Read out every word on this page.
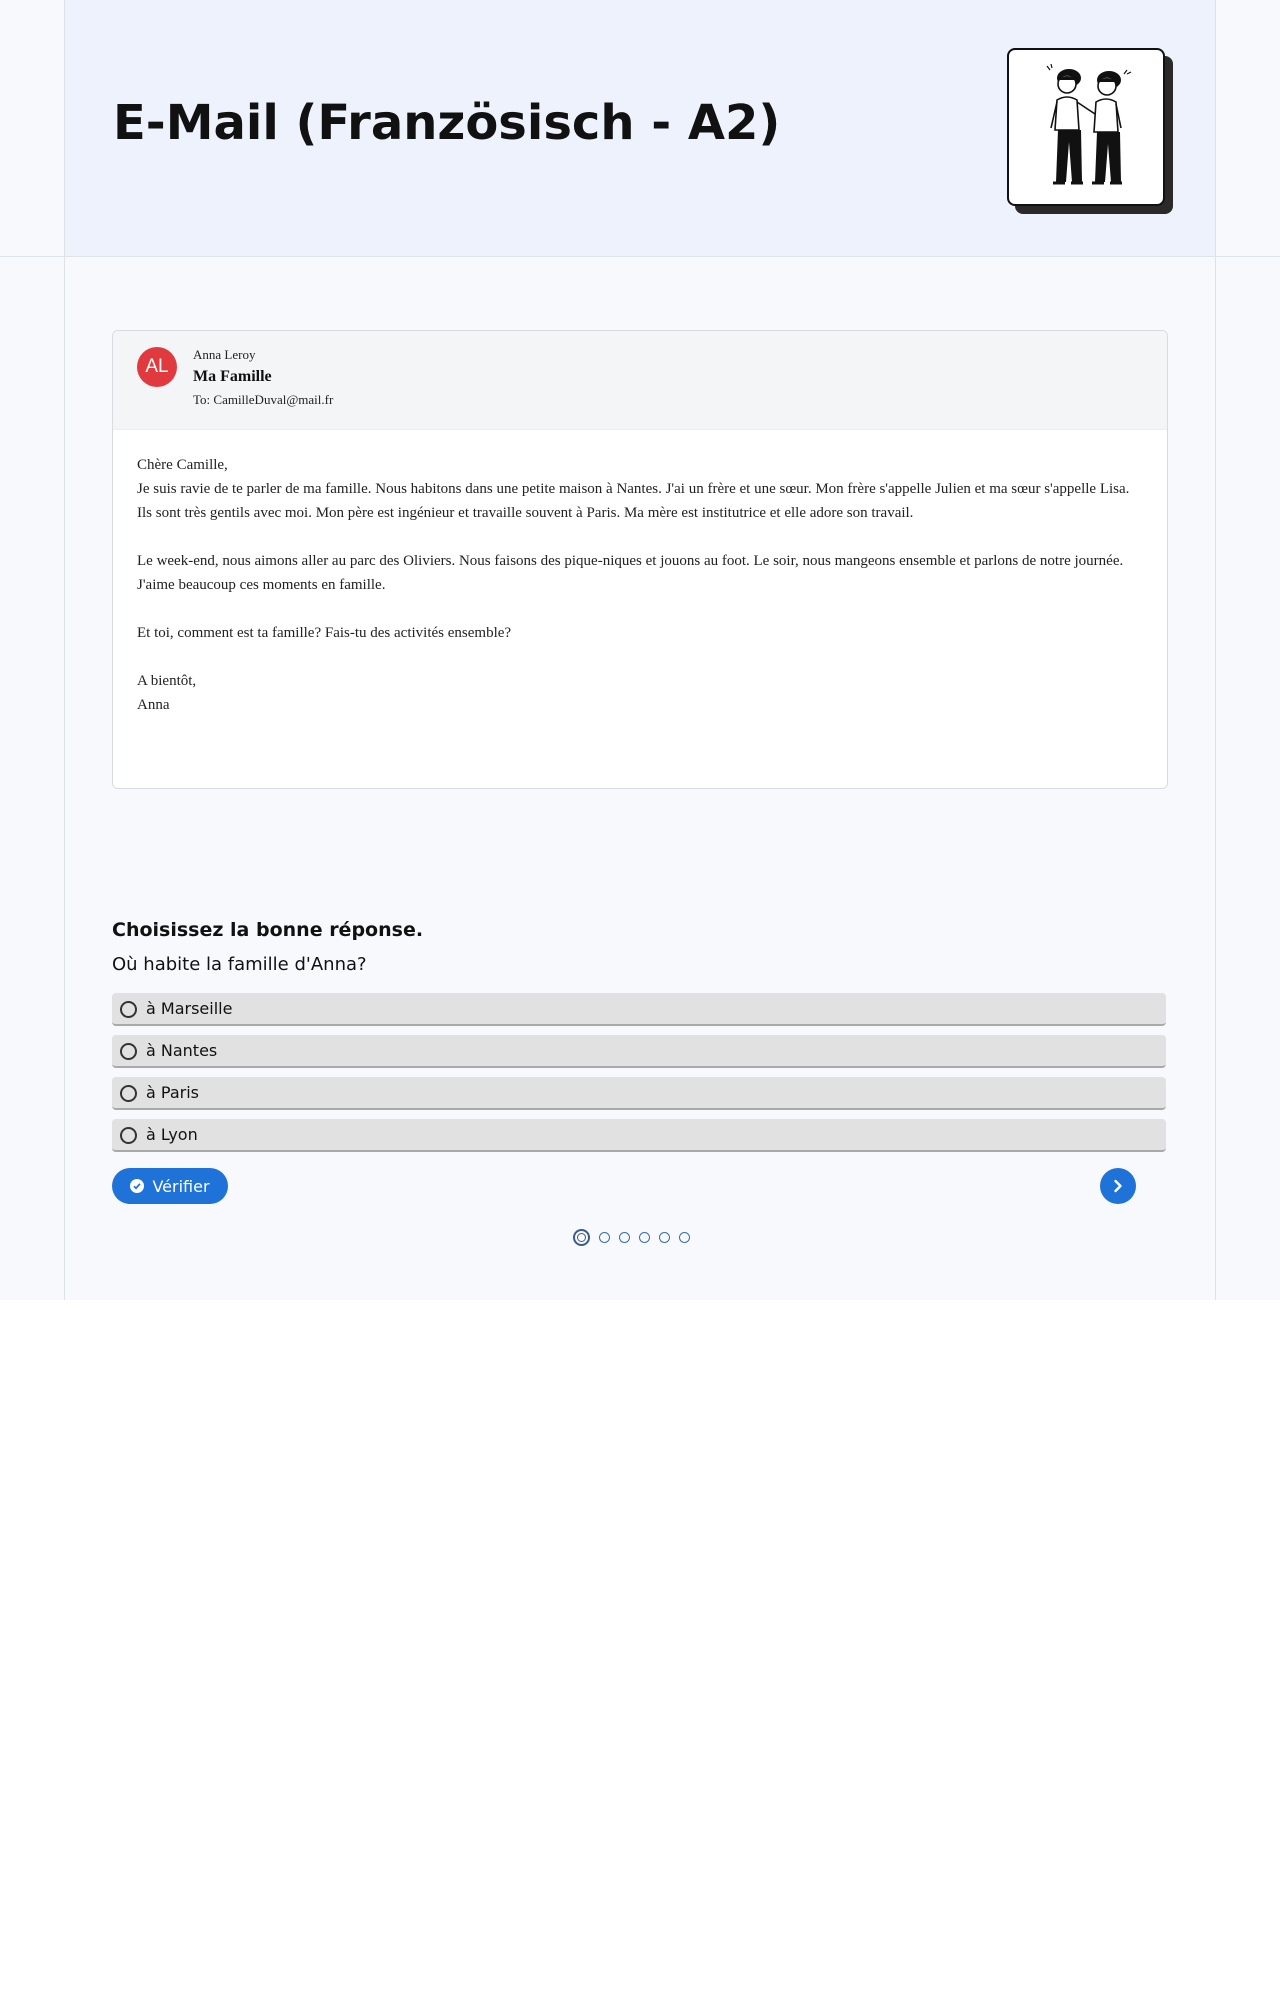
E-Mail (Französisch - A2)
AL
Anna Leroy
Ma Famille
To: CamilleDuval@mail.fr
Chère Camille,

Je suis ravie de te parler de ma famille. Nous habitons dans une petite maison à Nantes. J'ai un frère et une sœur. Mon frère s'appelle Julien et ma sœur s'appelle Lisa. Ils sont très gentils avec moi. Mon père est ingénieur et travaille souvent à Paris. Ma mère est institutrice et elle adore son travail.

Le week-end, nous aimons aller au parc des Oliviers. Nous faisons des pique-niques et jouons au foot. Le soir, nous mangeons ensemble et parlons de notre journée. J'aime beaucoup ces moments en famille.

Et toi, comment est ta famille? Fais-tu des activités ensemble?

A bientôt,
Anna
Choisissez la bonne réponse.

Où habite la famille d'Anna?

à Marseille
à Nantes
à Paris
à Lyon
Vérifier
